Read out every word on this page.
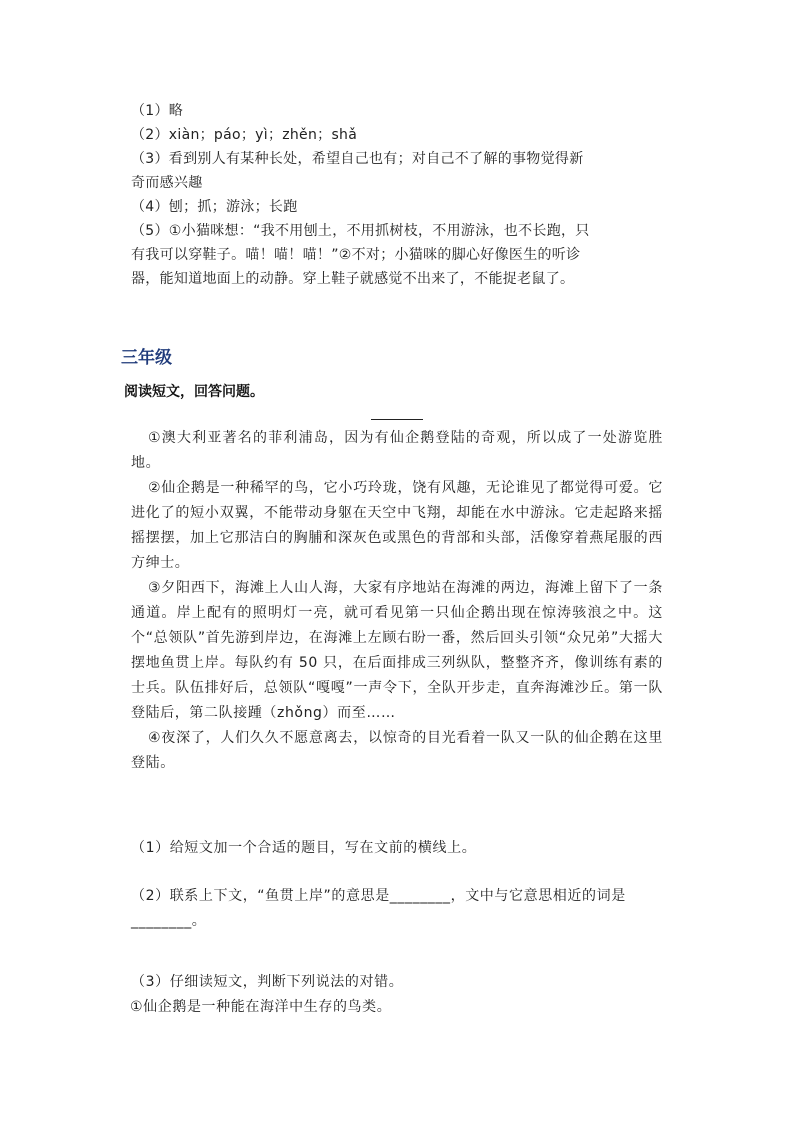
（1）略
（2）xiàn；páo；yì；zhěn；shǎ
（3）看到别人有某种长处，希望自己也有；对自己不了解的事物觉得新
奇而感兴趣
（4）刨；抓；游泳；长跑
（5）①小猫咪想：“我不用刨土，不用抓树枝，不用游泳，也不长跑，只
有我可以穿鞋子。喵！喵！喵！”②不对；小猫咪的脚心好像医生的听诊
器，能知道地面上的动静。穿上鞋子就感觉不出来了，不能捉老鼠了。
三年级
阅读短文，回答问题。

①澳大利亚著名的菲利浦岛，因为有仙企鹅登陆的奇观，所以成了一处游览胜地。

②仙企鹅是一种稀罕的鸟，它小巧玲珑，饶有风趣，无论谁见了都觉得可爱。它进化了的短小双翼，不能带动身躯在天空中飞翔，却能在水中游泳。它走起路来摇摇摆摆，加上它那洁白的胸脯和深灰色或黑色的背部和头部，活像穿着燕尾服的西方绅士。

③夕阳西下，海滩上人山人海，大家有序地站在海滩的两边，海滩上留下了一条通道。岸上配有的照明灯一亮，就可看见第一只仙企鹅出现在惊涛骇浪之中。这个“总领队”首先游到岸边，在海滩上左顾右盼一番，然后回头引领“众兄弟”大摇大摆地鱼贯上岸。每队约有 50 只，在后面排成三列纵队，整整齐齐，像训练有素的士兵。队伍排好后，总领队“嘎嘎”一声令下，全队开步走，直奔海滩沙丘。第一队登陆后，第二队接踵（zhǒng）而至……

④夜深了，人们久久不愿意离去，以惊奇的目光看着一队又一队的仙企鹅在这里登陆。

（1）给短文加一个合适的题目，写在文前的横线上。
（2）联系上下文，“鱼贯上岸”的意思是________，文中与它意思相近的词是________。
（3）仔细读短文，判断下列说法的对错。
①仙企鹅是一种能在海洋中生存的鸟类。
